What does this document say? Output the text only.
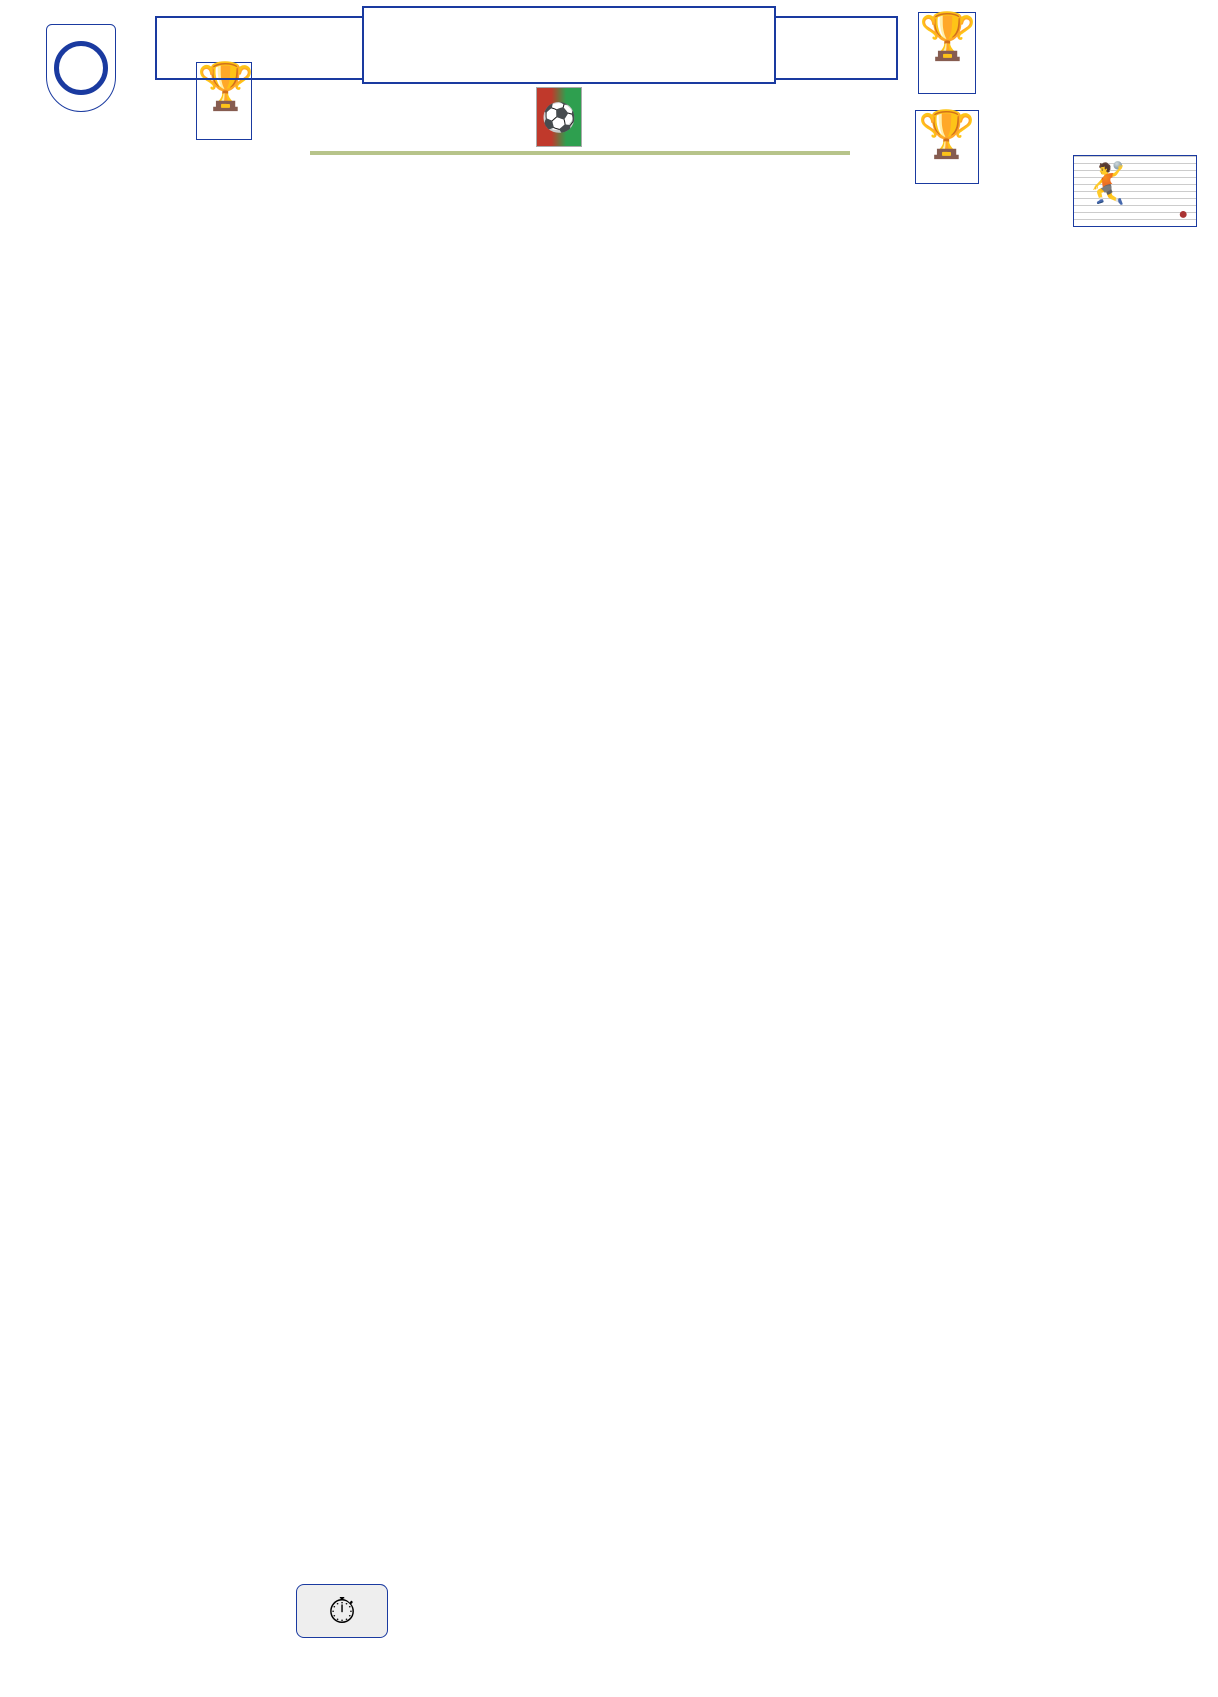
🏆
🏆
🏆
⚽
🤾
●
⏱
